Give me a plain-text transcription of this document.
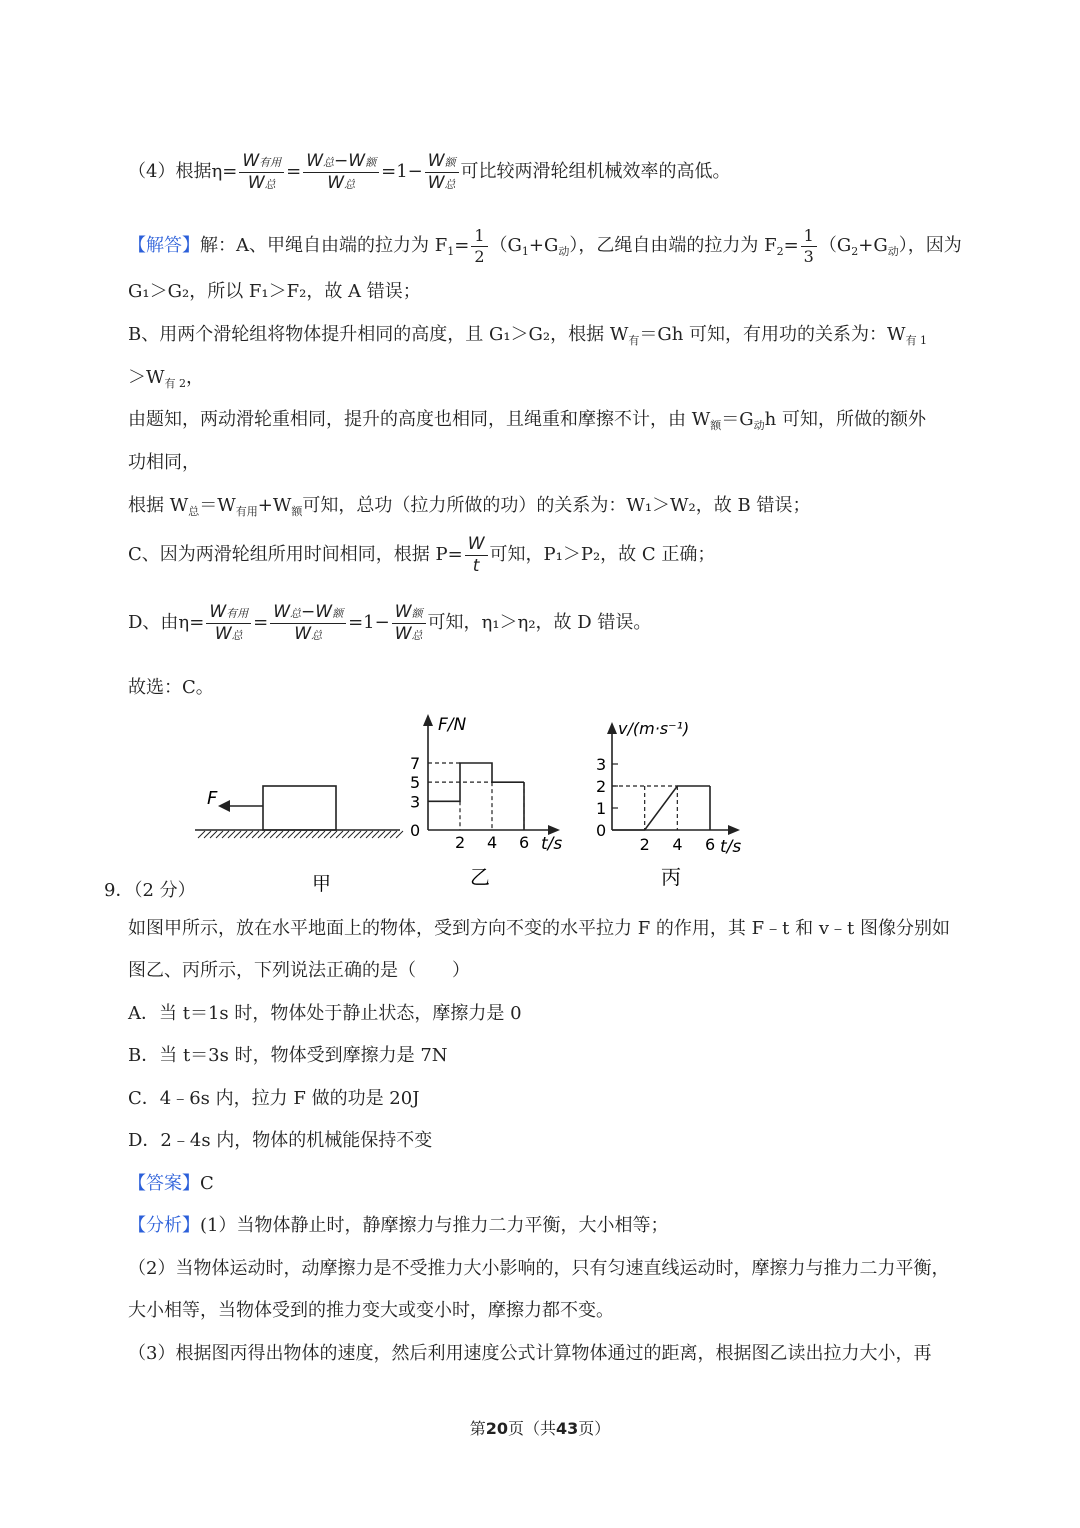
（4）根据$\eta= \frac{\text{W有用}}{\text{W总}} = \frac{\text{W总−W额}}{\text{W总}} =1- \frac{\text{W额}}{\text{W总}}$ 可比较两滑轮组机械效率的高低。
【解答】解：A、甲绳自由端的拉力为 $F_1= \frac{1}{2} (G_1+G_动)$，乙绳自由端的拉力为 $F_2= \frac{1}{3} (G_2+G_动)$，因为
G₁＞G₂，所以 F₁＞F₂，故 A 错误；
B、用两个滑轮组将物体提升相同的高度，且 G₁＞G₂，根据 $W_有=Gh$ 可知，有用功的关系为：$W_{有 1}$
$>W_{有 2}$，
由题知，两动滑轮重相同，提升的高度也相同，且绳重和摩擦不计，由 $W_额=G_动h$ 可知，所做的额外
功相同，
根据 $W_总=W_{有用}+W_额$可知，总功（拉力所做的功）的关系为：W₁＞W₂，故 B 错误；
C、因为两滑轮组所用时间相同，根据 $P= \frac{W}{t}$ 可知，P₁＞P₂，故 C 正确；
D、由$\eta= \frac{\text{W有用}}{\text{W总}} = \frac{\text{W总−W额}}{\text{W总}} =1- \frac{\text{W额}}{\text{W总}}$ 可知，η₁＞η₂，故 D 错误。
故选：C。
F
甲
F/N
t/s
乙
7
5
3
0
2 4 6
v/(m·s⁻¹)
t/s
丙
3
2
1
0
2 4 6
9．（2 分）
如图甲所示，放在水平地面上的物体，受到方向不变的水平拉力 F 的作用，其 F﹣t 和 v﹣t 图像分别如
图乙、丙所示，下列说法正确的是（　　）
A．当 t＝1s 时，物体处于静止状态，摩擦力是 0
B．当 t＝3s 时，物体受到摩擦力是 7N
C．4﹣6s 内，拉力 F 做的功是 20J
D．2﹣4s 内，物体的机械能保持不变
【答案】C
【分析】(1）当物体静止时，静摩擦力与推力二力平衡，大小相等；
（2）当物体运动时，动摩擦力是不受推力大小影响的，只有匀速直线运动时，摩擦力与推力二力平衡，
大小相等，当物体受到的推力变大或变小时，摩擦力都不变。
（3）根据图丙得出物体的速度，然后利用速度公式计算物体通过的距离，根据图乙读出拉力大小，再
第20页（共43页）
